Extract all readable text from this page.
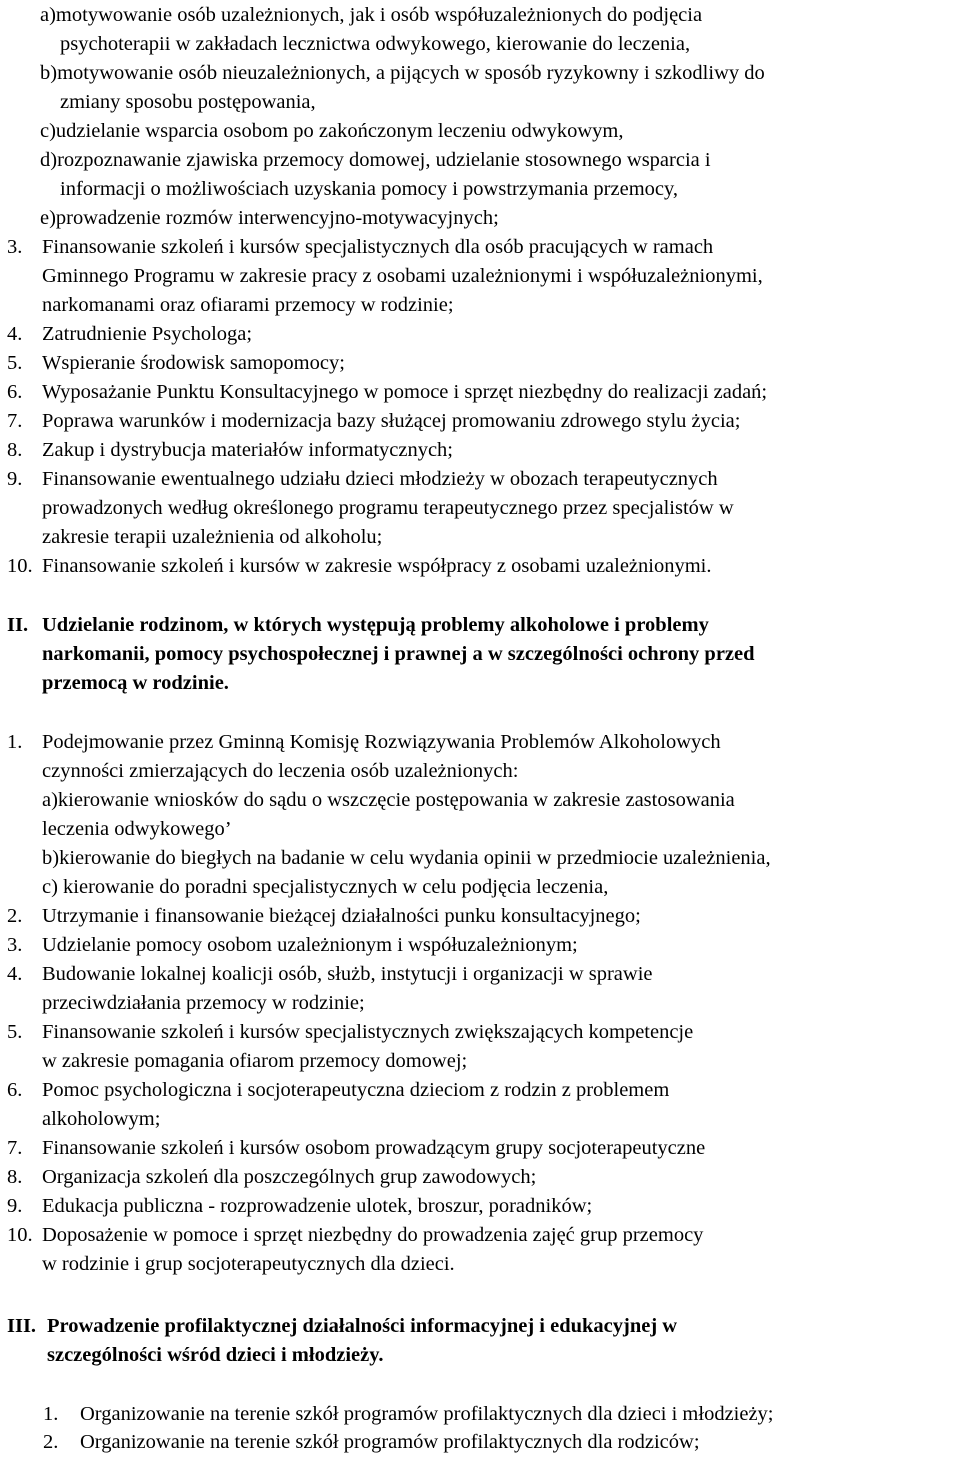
a)motywowanie osób uzależnionych, jak i osób współuzależnionych do podjęcia
psychoterapii w zakładach lecznictwa odwykowego, kierowanie do leczenia,
b)motywowanie osób nieuzależnionych, a pijących w sposób ryzykowny i szkodliwy do
zmiany sposobu postępowania,
c)udzielanie wsparcia osobom po zakończonym leczeniu odwykowym,
d)rozpoznawanie zjawiska przemocy domowej, udzielanie stosownego wsparcia i
informacji o możliwościach uzyskania pomocy i powstrzymania przemocy,
e)prowadzenie rozmów interwencyjno-motywacyjnych;
3. Finansowanie szkoleń i kursów specjalistycznych dla osób pracujących w ramach
Gminnego Programu w zakresie pracy z osobami uzależnionymi i współuzależnionymi,
narkomanami oraz ofiarami przemocy w rodzinie;
4. Zatrudnienie Psychologa;
5. Wspieranie środowisk samopomocy;
6. Wyposażanie Punktu Konsultacyjnego w pomoce i sprzęt niezbędny do realizacji zadań;
7. Poprawa warunków i modernizacja bazy służącej promowaniu zdrowego stylu życia;
8. Zakup i dystrybucja materiałów informatycznych;
9. Finansowanie ewentualnego udziału dzieci młodzieży w obozach terapeutycznych
prowadzonych według określonego programu terapeutycznego przez specjalistów w
zakresie terapii uzależnienia od alkoholu;
10. Finansowanie szkoleń i kursów w zakresie współpracy z osobami uzależnionymi.
II. Udzielanie rodzinom, w których występują problemy alkoholowe i problemy
narkomanii, pomocy psychospołecznej i prawnej a w szczególności ochrony przed
przemocą w rodzinie.
1. Podejmowanie przez Gminną Komisję Rozwiązywania Problemów Alkoholowych
czynności zmierzających do leczenia osób uzależnionych:
a)kierowanie wniosków do sądu o wszczęcie postępowania w zakresie zastosowania
leczenia odwykowego’
b)kierowanie do biegłych na badanie w celu wydania opinii w przedmiocie uzależnienia,
c) kierowanie do poradni specjalistycznych w celu podjęcia leczenia,
2. Utrzymanie i finansowanie bieżącej działalności punku konsultacyjnego;
3. Udzielanie pomocy osobom uzależnionym i współuzależnionym;
4. Budowanie lokalnej koalicji osób, służb, instytucji i organizacji w sprawie
przeciwdziałania przemocy w rodzinie;
5. Finansowanie szkoleń i kursów specjalistycznych zwiększających kompetencje
w zakresie pomagania ofiarom przemocy domowej;
6. Pomoc psychologiczna i socjoterapeutyczna dzieciom z rodzin z problemem
alkoholowym;
7. Finansowanie szkoleń i kursów osobom prowadzącym grupy socjoterapeutyczne
8. Organizacja szkoleń dla poszczególnych grup zawodowych;
9. Edukacja publiczna - rozprowadzenie ulotek, broszur, poradników;
10. Doposażenie w pomoce i sprzęt niezbędny do prowadzenia zajęć grup przemocy
w rodzinie i grup socjoterapeutycznych dla dzieci.
III. Prowadzenie profilaktycznej działalności informacyjnej i edukacyjnej w
szczególności wśród dzieci i młodzieży.
1. Organizowanie na terenie szkół programów profilaktycznych dla dzieci i młodzieży;
2. Organizowanie na terenie szkół programów profilaktycznych dla rodziców;
